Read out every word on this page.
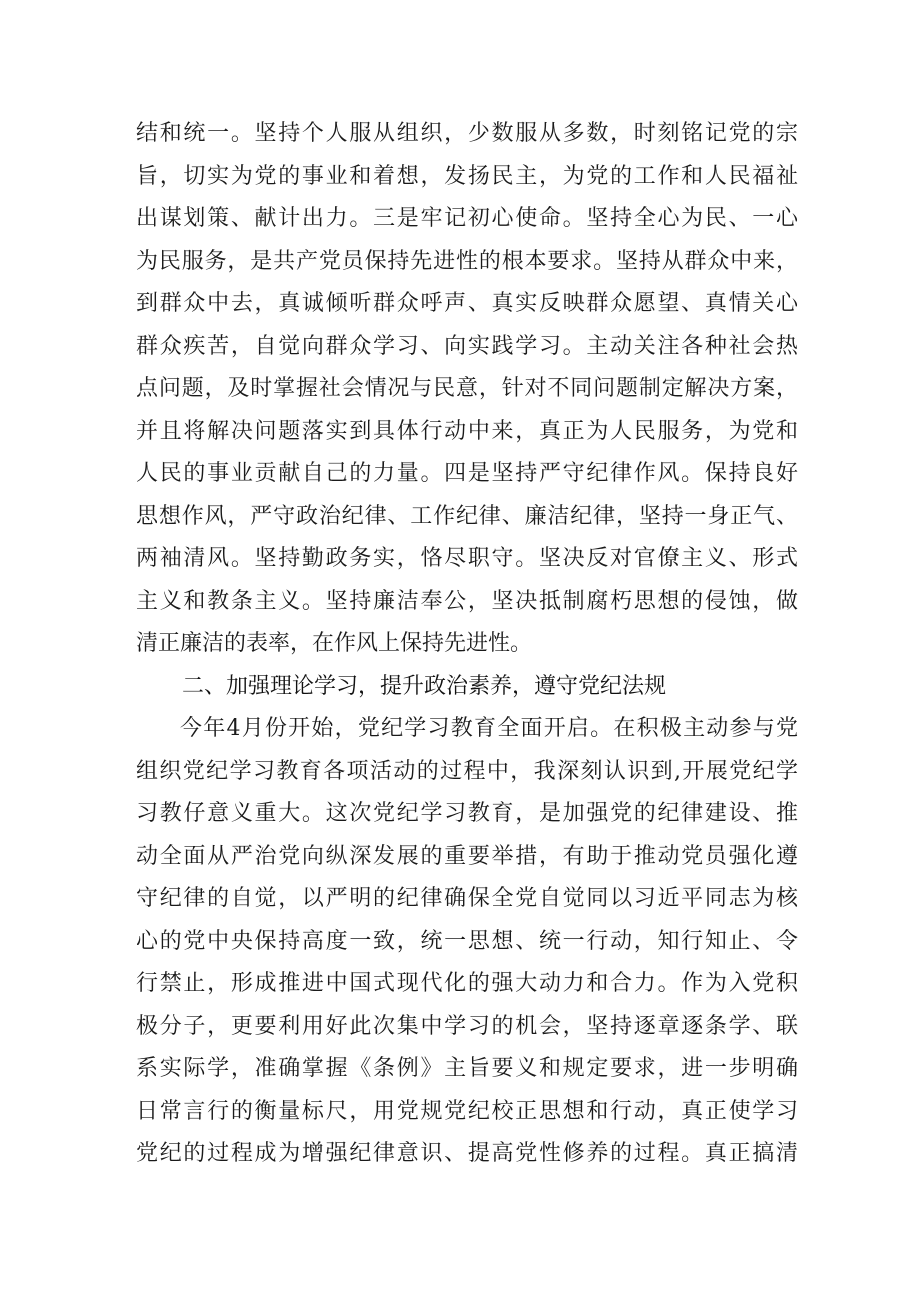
结和统一。坚持个人服从组织，少数服从多数，时刻铭记党的宗
旨，切实为党的事业和着想，发扬民主，为党的工作和人民福祉
出谋划策、献计出力。三是牢记初心使命。坚持全心为民、一心
为民服务，是共产党员保持先进性的根本要求。坚持从群众中来，
到群众中去，真诚倾听群众呼声、真实反映群众愿望、真情关心
群众疾苦，自觉向群众学习、向实践学习。主动关注各种社会热
点问题，及时掌握社会情况与民意，针对不同问题制定解决方案，
并且将解决问题落实到具体行动中来，真正为人民服务，为党和
人民的事业贡献自己的力量。四是坚持严守纪律作风。保持良好
思想作风，严守政治纪律、工作纪律、廉洁纪律，坚持一身正气、
两袖清风。坚持勤政务实，恪尽职守。坚决反对官僚主义、形式
主义和教条主义。坚持廉洁奉公，坚决抵制腐朽思想的侵蚀，做
清正廉洁的表率，在作风上保持先进性。
二、加强理论学习，提升政治素养，遵守党纪法规
今年4月份开始，党纪学习教育全面开启。在积极主动参与党
组织党纪学习教育各项活动的过程中，我深刻认识到,开展党纪学
习教仔意义重大。这次党纪学习教育，是加强党的纪律建设、推
动全面从严治党向纵深发展的重要举措，有助于推动党员强化遵
守纪律的自觉，以严明的纪律确保全党自觉同以习近平同志为核
心的党中央保持高度一致，统一思想、统一行动，知行知止、令
行禁止，形成推进中国式现代化的强大动力和合力。作为入党积
极分子，更要利用好此次集中学习的机会，坚持逐章逐条学、联
系实际学，准确掌握《条例》主旨要义和规定要求，进一步明确
日常言行的衡量标尺，用党规党纪校正思想和行动，真正使学习
党纪的过程成为增强纪律意识、提高党性修养的过程。真正搞清
